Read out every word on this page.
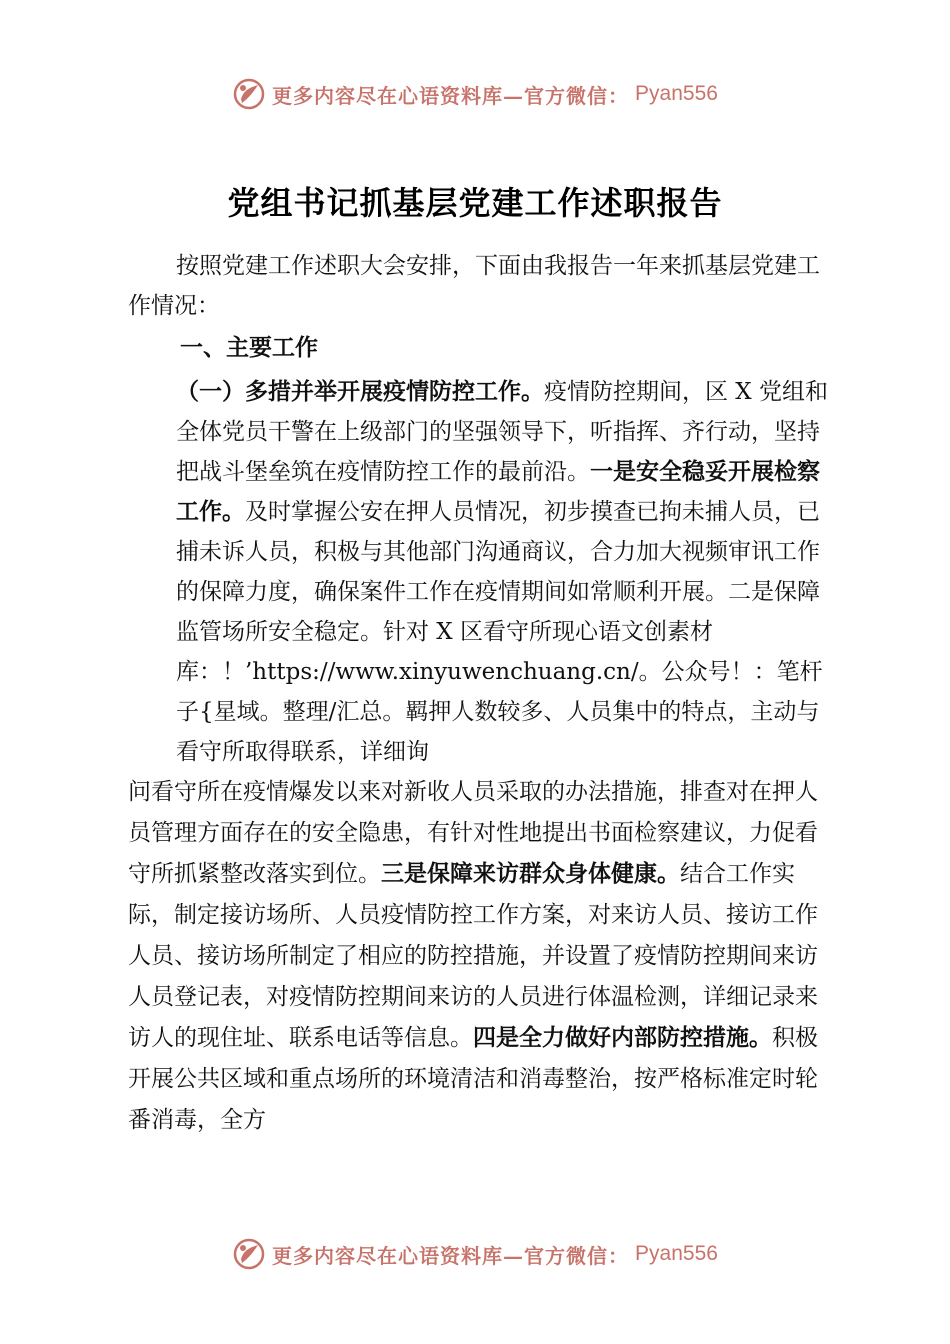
更多内容尽在心语资料库—官方微信： Pyan556
党组书记抓基层党建工作述职报告

按照党建工作述职大会安排，下面由我报告一年来抓基层党建工作情况：

一、主要工作

（一）多措并举开展疫情防控工作。疫情防控期间，区 X 党组和全体党员干警在上级部门的坚强领导下，听指挥、齐行动，坚持把战斗堡垒筑在疫情防控工作的最前沿。一是安全稳妥开展检察工作。及时掌握公安在押人员情况，初步摸查已拘未捕人员，已捕未诉人员，积极与其他部门沟通商议，合力加大视频审讯工作的保障力度，确保案件工作在疫情期间如常顺利开展。二是保障监管场所安全稳定。针对 X 区看守所现心语文创素材库：！’https://www.xinyuwenchuang.cn/。公众号！：笔杆子{星域。整理/汇总。羁押人数较多、人员集中的特点，主动与看守所取得联系，详细询

问看守所在疫情爆发以来对新收人员采取的办法措施，排查对在押人员管理方面存在的安全隐患，有针对性地提出书面检察建议，力促看守所抓紧整改落实到位。三是保障来访群众身体健康。结合工作实际，制定接访场所、人员疫情防控工作方案，对来访人员、接访工作人员、接访场所制定了相应的防控措施，并设置了疫情防控期间来访人员登记表，对疫情防控期间来访的人员进行体温检测，详细记录来访人的现住址、联系电话等信息。四是全力做好内部防控措施。积极开展公共区域和重点场所的环境清洁和消毒整治，按严格标准定时轮番消毒，全方

更多内容尽在心语资料库—官方微信： Pyan556
